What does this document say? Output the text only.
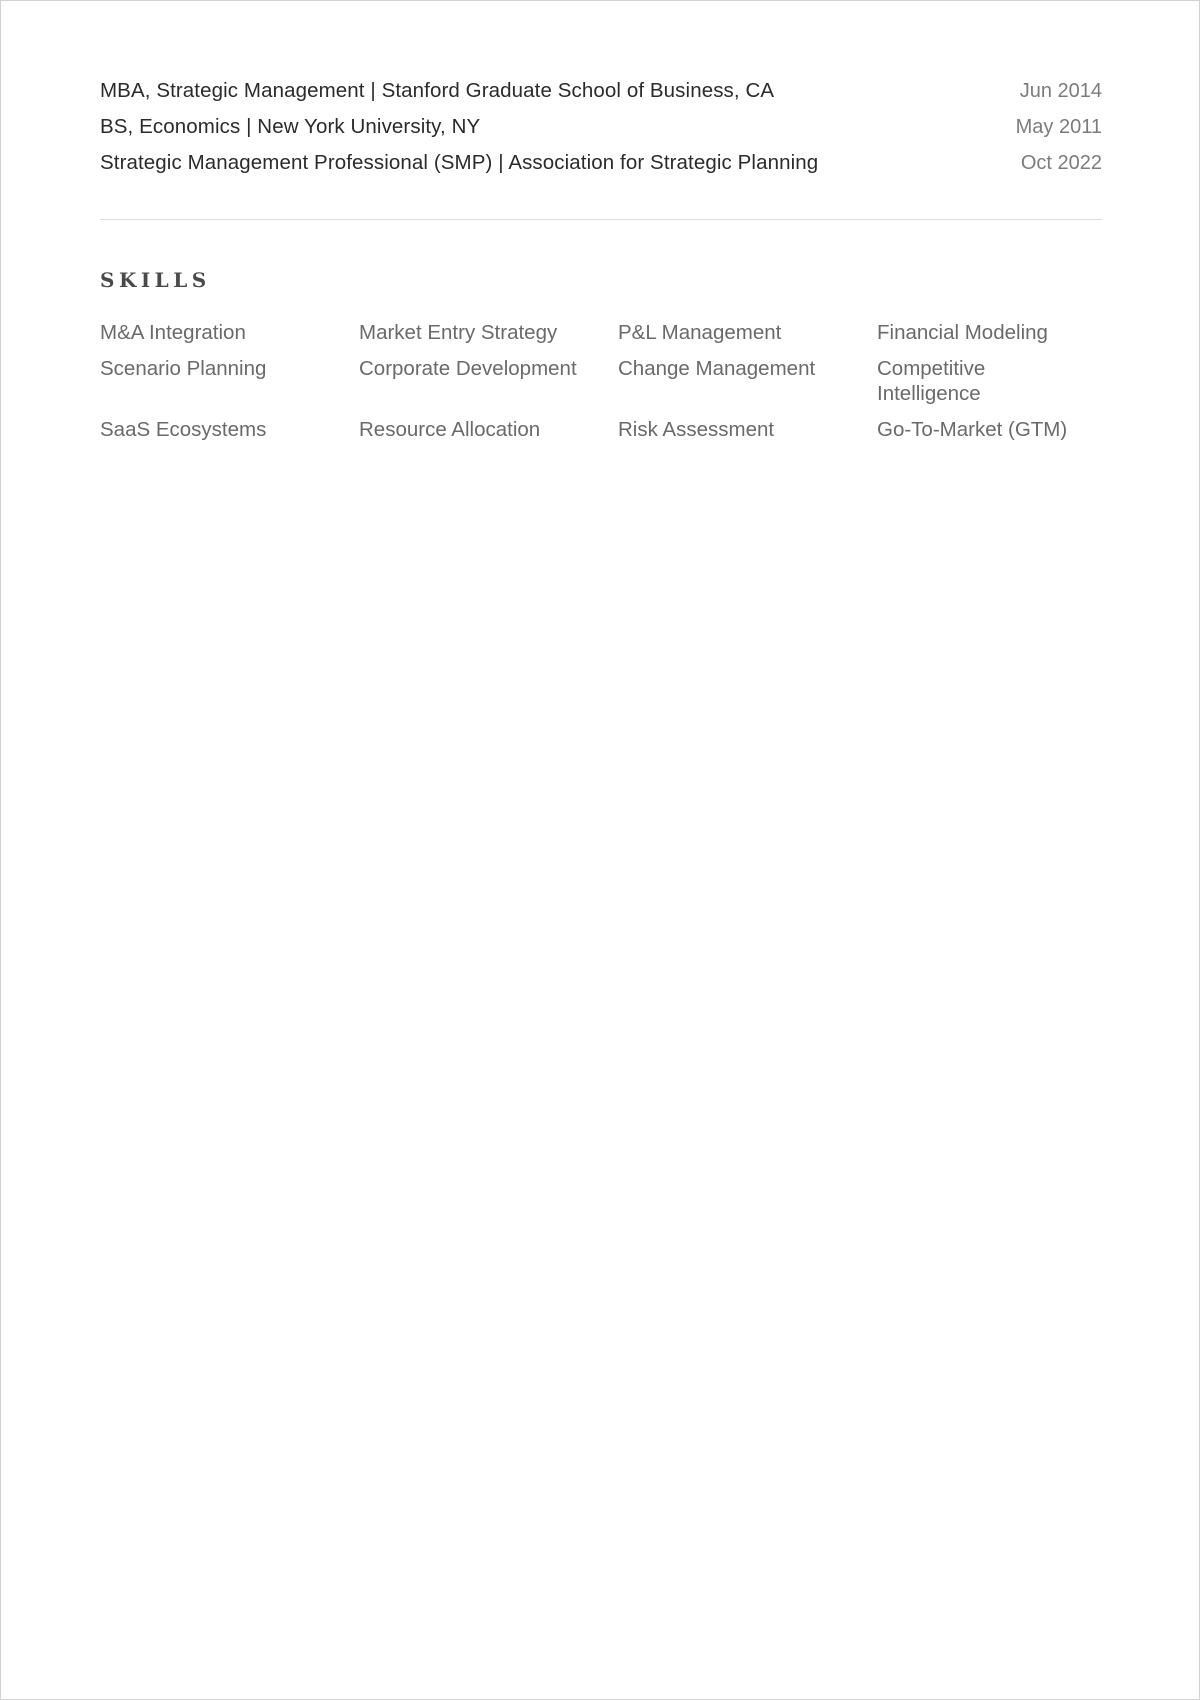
MBA, Strategic Management | Stanford Graduate School of Business, CA	Jun 2014
BS, Economics | New York University, NY	May 2011
Strategic Management Professional (SMP) | Association for Strategic Planning	Oct 2022
SKILLS
M&A Integration	Market Entry Strategy	P&L Management	Financial Modeling
Scenario Planning	Corporate Development	Change Management	Competitive Intelligence
SaaS Ecosystems	Resource Allocation	Risk Assessment	Go-To-Market (GTM)
